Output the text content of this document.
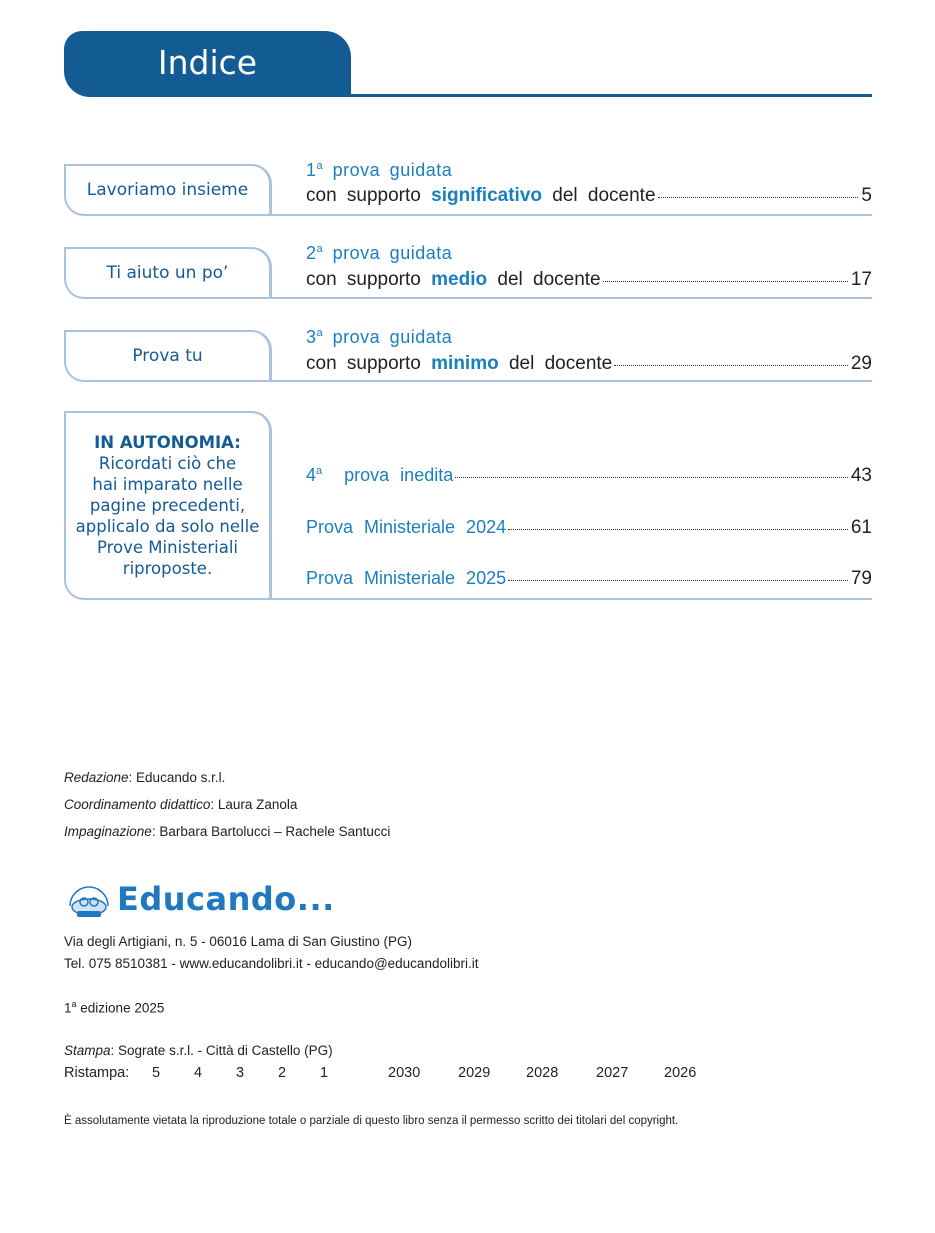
Indice
Lavoriamo insieme
1$^a$ prova guidata
con supporto
significativo
del docente	5
Ti aiuto un po’
2$^a$ prova guidata
con supporto
medio
del docente	17
Prova tu
3$^a$ prova guidata
con supporto
minimo
del docente	29
IN AUTONOMIA:
Ricordati ciò che
hai imparato nelle
pagine precedenti,
applicalo da solo nelle
Prove Ministeriali
riproposte.
4$^a$ prova inedita	43
Prova Ministeriale 2024	61
Prova Ministeriale 2025	79
Redazione: Educando s.r.l.
Coordinamento didattico: Laura Zanola
Impaginazione: Barbara Bartolucci – Rachele Santucci
Educando...
Via degli Artigiani, n. 5 - 06016 Lama di San Giustino (PG)
Tel. 075 8510381 - www.educandolibri.it - educando@educandolibri.it
1$^a$ edizione 2025
Stampa: Sograte s.r.l. - Città di Castello (PG)
Ristampa:	5	4	3	2	1	2030	2029	2028	2027	2026
È assolutamente vietata la riproduzione totale o parziale di questo libro senza il permesso scritto dei titolari del copyright.
